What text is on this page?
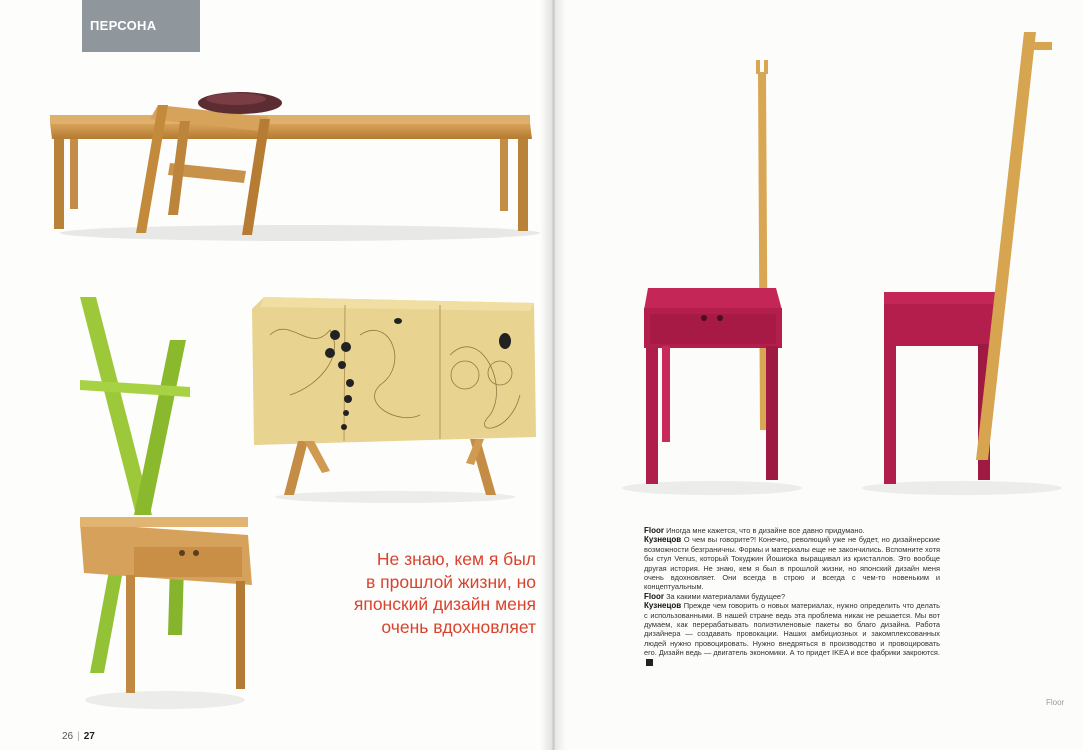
ПЕРСОНА
Не знаю, кем я был
в прошлой жизни, но
японский дизайн меня
очень вдохновляет
26 | 27

Floor Иногда мне кажется, что в дизайне все давно придумано.

Кузнецов О чем вы говорите?! Конечно, революций уже не будет, но дизайнерские возможности безграничны. Формы и материалы еще не закончились. Вспомните хотя бы стул Venus, который Токуджин Йошиока выращивал из кристаллов. Это вообще другая история. Не знаю, кем я был в прошлой жизни, но японский дизайн меня очень вдохновляет. Они всегда в строю и всегда с чем-то новеньким и концептуальным.

Floor За какими материалами будущее?

Кузнецов Прежде чем говорить о новых материалах, нужно определить что делать с использованными. В нашей стране ведь эта проблема никак не решается. Мы вот думаем, как перерабатывать полиэтиленовые пакеты во благо дизайна. Работа дизайнера — создавать провокации. Наших амбициозных и закомплексованных людей нужно провоцировать. Нужно внедряться в производство и провоцировать его. Дизайн ведь — двигатель экономики. А то придет IKEA и все фабрики закроются.

Floor
